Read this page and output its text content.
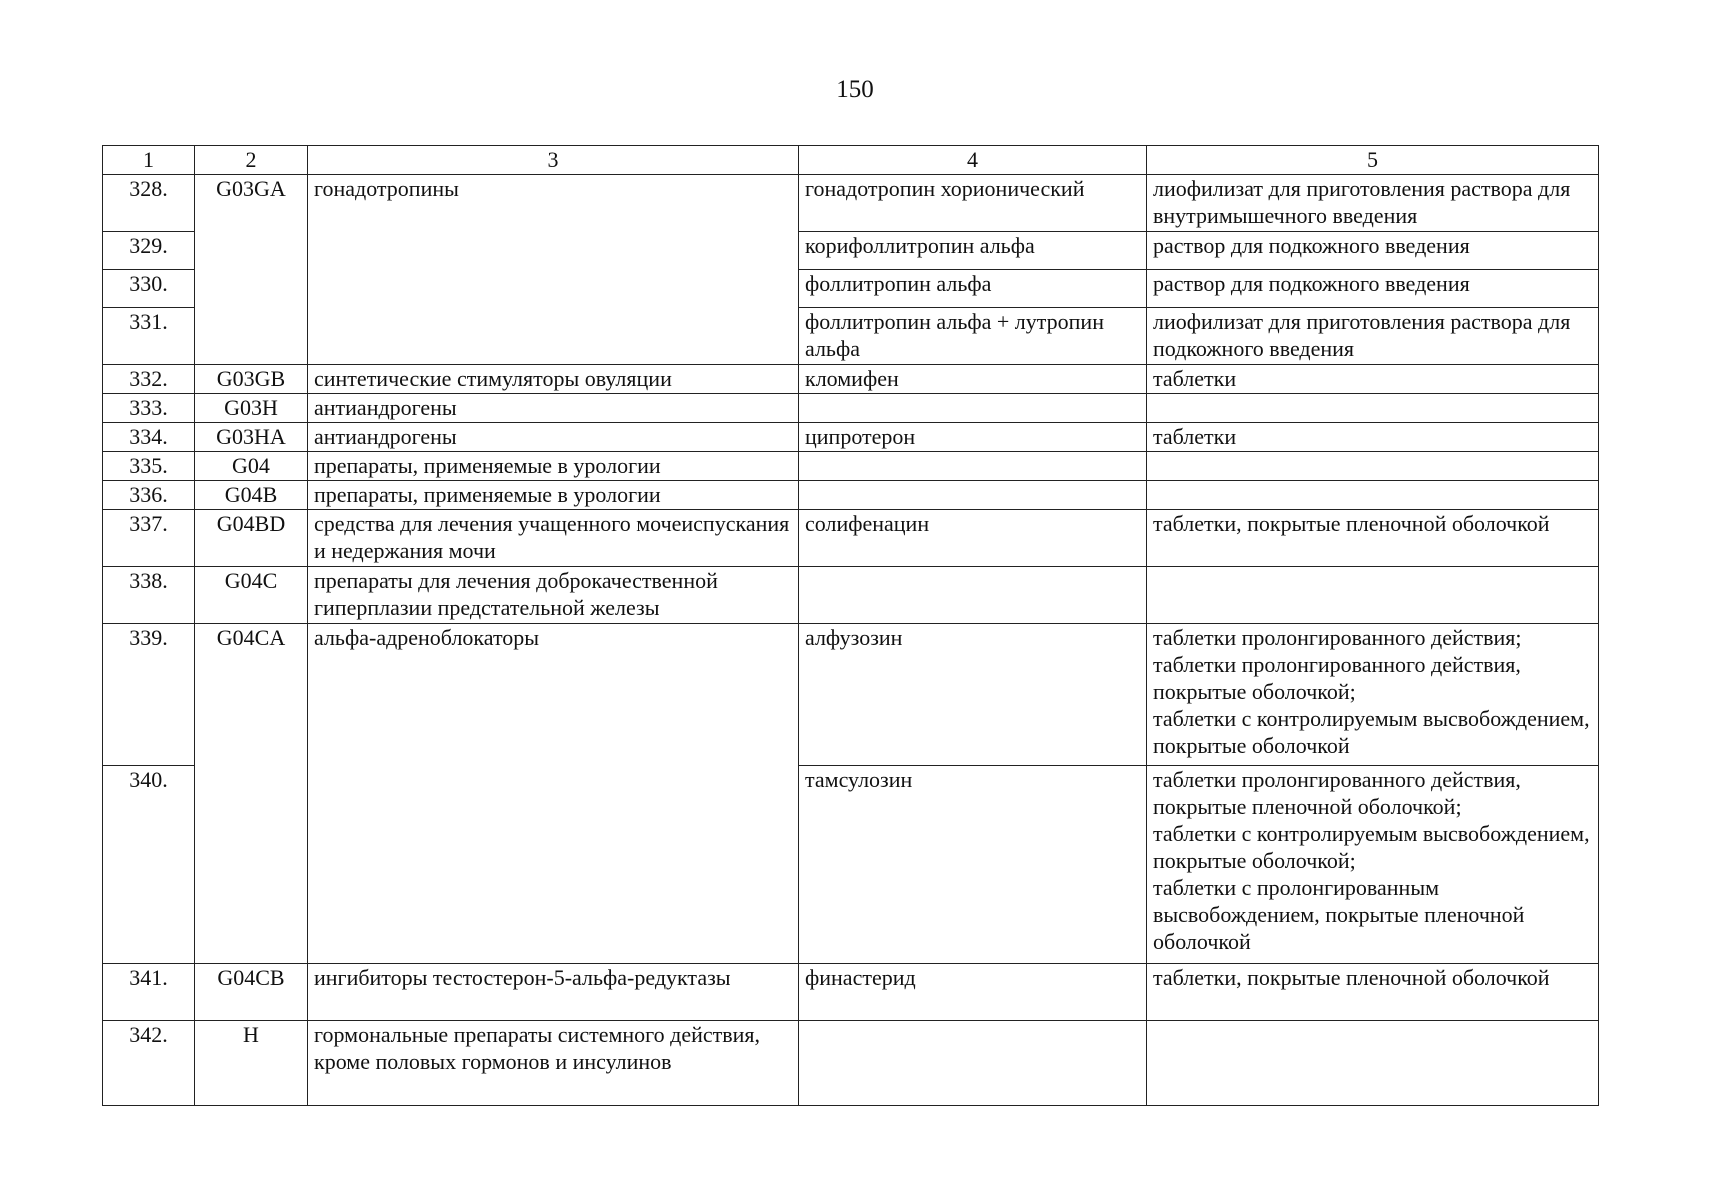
150
1	2	3	4	5
328.	G03GA	гонадотропины	гонадотропин хорионический	лиофилизат для приготовления раствора для внутримышечного введения
329.			корифоллитропин альфа	раствор для подкожного введения
330.			фоллитропин альфа	раствор для подкожного введения
331.			фоллитропин альфа + лутропин альфа	лиофилизат для приготовления раствора для подкожного введения
332.	G03GB	синтетические стимуляторы овуляции	кломифен	таблетки
333.	G03H	антиандрогены		
334.	G03HA	антиандрогены	ципротерон	таблетки
335.	G04	препараты, применяемые в урологии		
336.	G04B	препараты, применяемые в урологии		
337.	G04BD	средства для лечения учащенного мочеиспускания и недержания мочи	солифенацин	таблетки, покрытые пленочной оболочкой
338.	G04C	препараты для лечения доброкачественной гиперплазии предстательной железы		
339.	G04CA	альфа-адреноблокаторы	алфузозин	таблетки пролонгированного действия;
таблетки пролонгированного действия, покрытые оболочкой;
таблетки с контролируемым высвобождением, покрытые оболочкой

340.			тамсулозин	таблетки пролонгированного действия, покрытые пленочной оболочкой;
таблетки с контролируемым высвобождением, покрытые оболочкой;
таблетки с пролонгированным высвобождением, покрытые пленочной оболочкой

341.	G04CB	ингибиторы тестостерон-5-альфа-редуктазы	финастерид	таблетки, покрытые пленочной оболочкой
342.	H	гормональные препараты системного действия, кроме половых гормонов и инсулинов		
